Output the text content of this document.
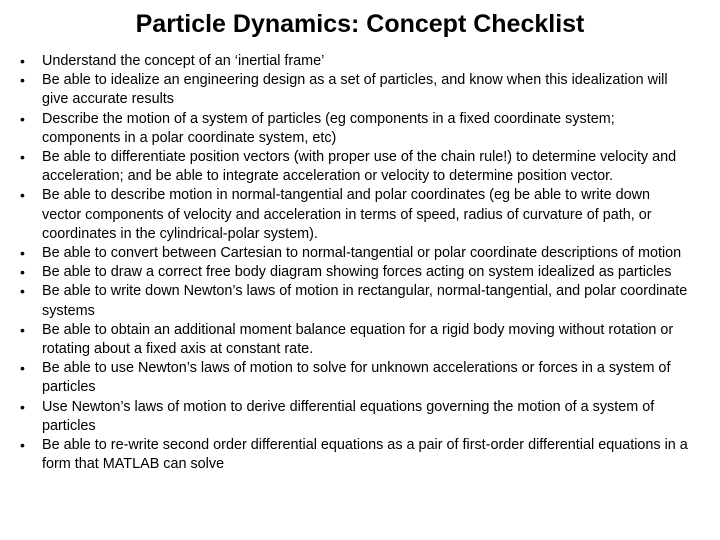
Particle Dynamics: Concept Checklist
•	Understand the concept of an ‘inertial frame’
•	Be able to idealize an engineering design as a set of particles, and know when this idealization will give accurate results
•	Describe the motion of a system of particles (eg components in a fixed coordinate system; components in a polar coordinate system, etc)
•	Be able to differentiate position vectors (with proper use of the chain rule!) to determine velocity and acceleration; and be able to integrate acceleration or velocity to determine position vector.
•	Be able to describe motion in normal-tangential and polar coordinates (eg be able to write down vector components of velocity and acceleration in terms of speed, radius of curvature of path, or coordinates in the cylindrical-polar system).
•	Be able to convert between Cartesian to normal-tangential or polar coordinate descriptions of motion
•	Be able to draw a correct free body diagram showing forces acting on system idealized as particles
•	Be able to write down Newton’s laws of motion in rectangular, normal-tangential, and polar coordinate systems
•	Be able to obtain an additional moment balance equation for a rigid body moving without rotation or rotating about a fixed axis at constant rate.
•	Be able to use Newton’s laws of motion to solve for unknown accelerations or forces in a system of particles
•	Use Newton’s laws of motion to derive differential equations governing the motion of a system of particles
•	Be able to re-write second order differential equations as a pair of first-order differential equations in a form that MATLAB can solve
